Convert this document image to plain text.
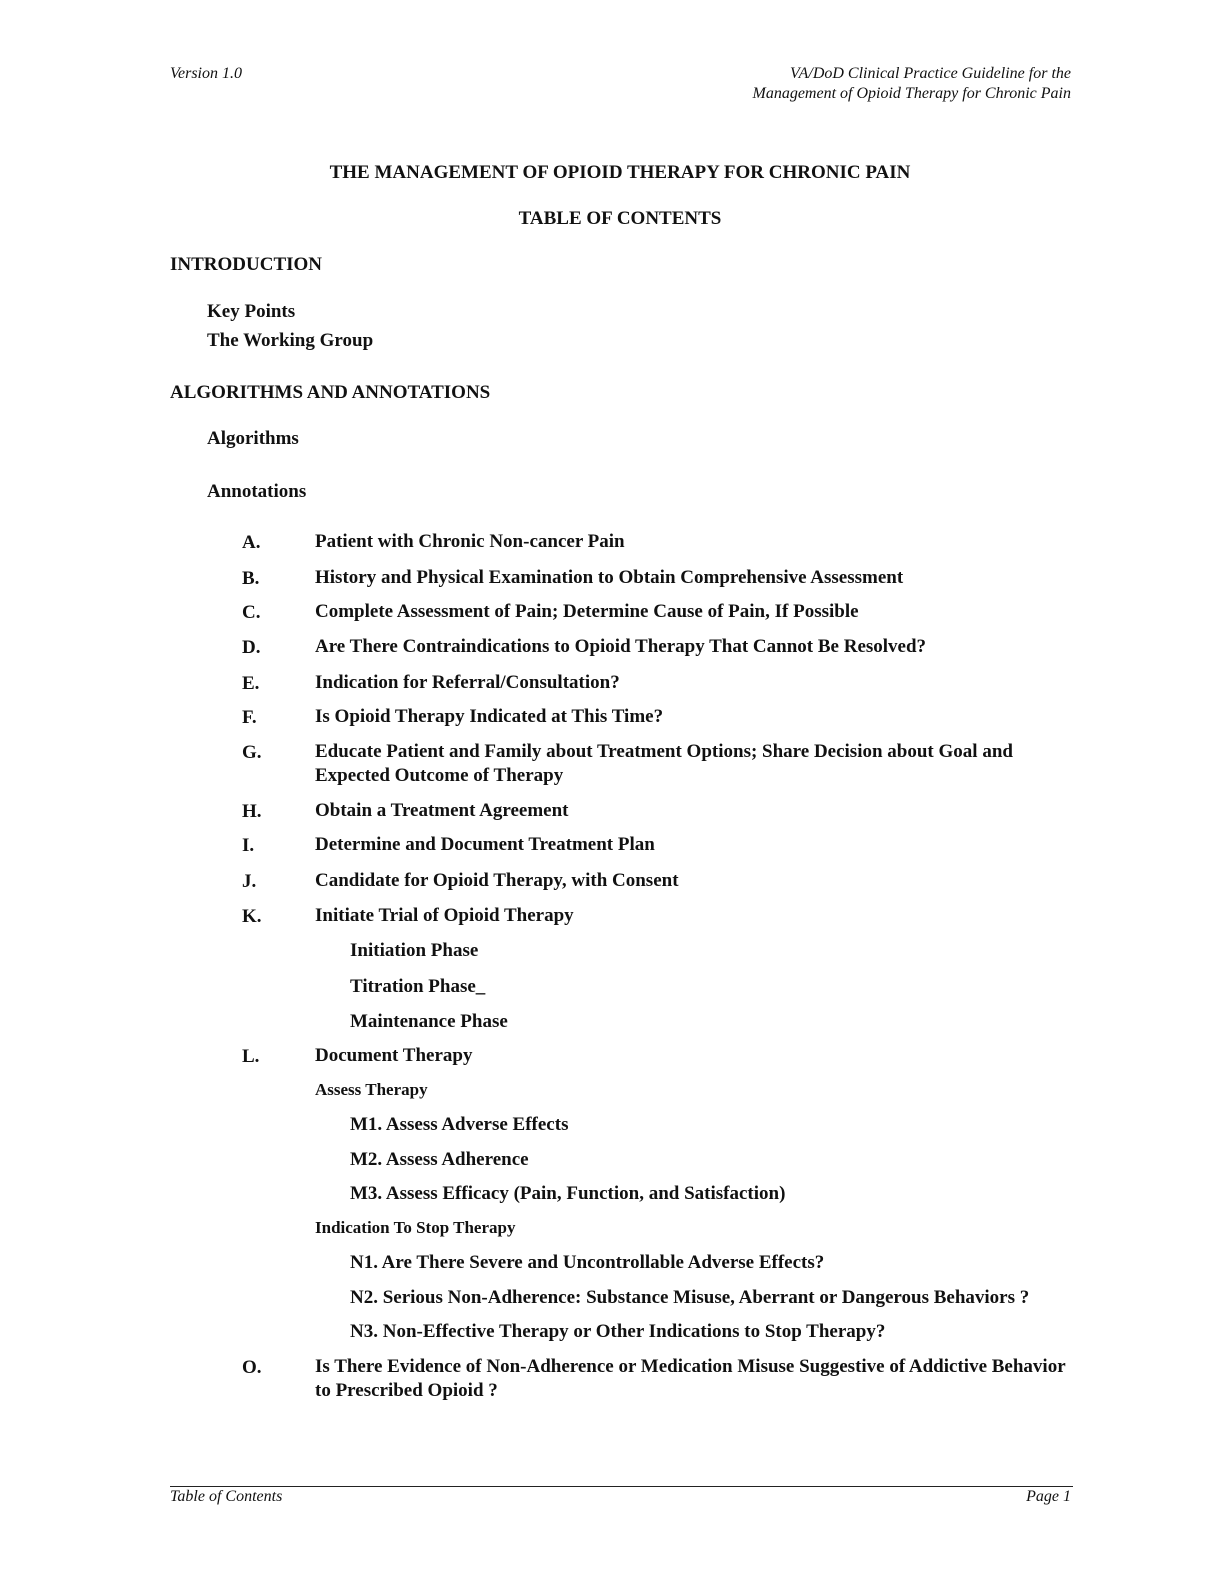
Version 1.0	VA/DoD Clinical Practice Guideline for the
Management of Opioid Therapy for Chronic Pain
THE MANAGEMENT OF OPIOID THERAPY FOR CHRONIC PAIN
TABLE OF CONTENTS
INTRODUCTION
Key Points
The Working Group
ALGORITHMS AND ANNOTATIONS
Algorithms
Annotations
A.	Patient with Chronic Non-cancer Pain
B.	History and Physical Examination to Obtain Comprehensive Assessment
C.	Complete Assessment of Pain; Determine Cause of Pain, If Possible
D.	Are There Contraindications to Opioid Therapy That Cannot Be Resolved?
E.	Indication for Referral/Consultation?
F.	Is Opioid Therapy Indicated at This Time?
G.	Educate Patient and Family about Treatment Options; Share Decision about Goal and Expected Outcome of Therapy
H.	Obtain a Treatment Agreement
I.	Determine and Document Treatment Plan
J.	Candidate for Opioid Therapy, with Consent
K.	Initiate Trial of Opioid Therapy
Initiation Phase
Titration Phase_
Maintenance Phase
L.	Document Therapy
Assess Therapy
M1. Assess Adverse Effects
M2. Assess Adherence
M3. Assess Efficacy (Pain, Function, and Satisfaction)
Indication To Stop Therapy
N1. Are There Severe and Uncontrollable Adverse Effects?
N2. Serious Non-Adherence: Substance Misuse, Aberrant or Dangerous Behaviors ?
N3. Non-Effective Therapy or Other Indications to Stop Therapy?
O.	Is There Evidence of Non-Adherence or Medication Misuse Suggestive of Addictive Behavior to Prescribed Opioid ?
Table of Contents	Page 1
